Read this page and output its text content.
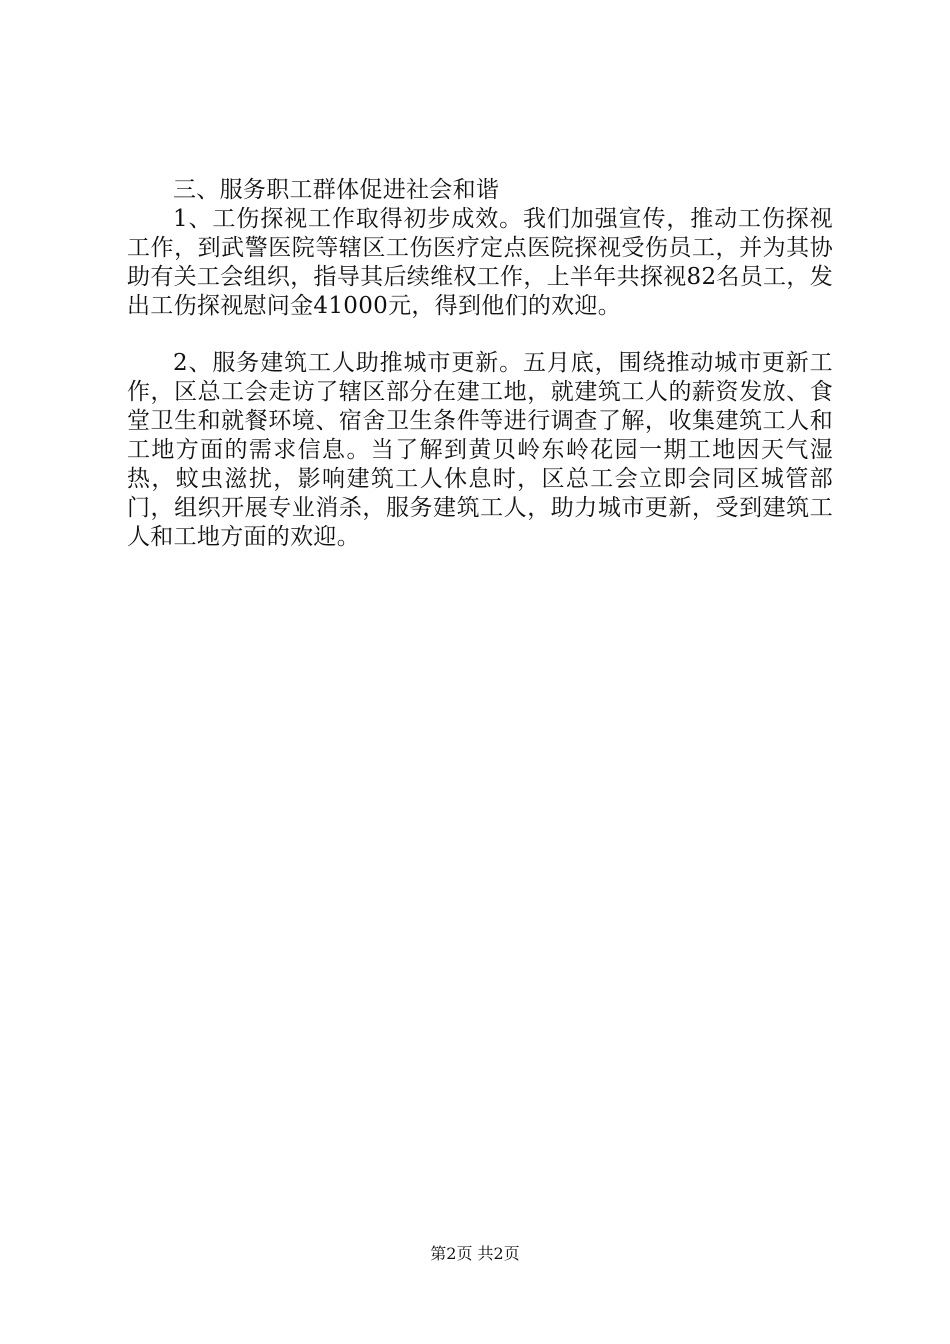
三、服务职工群体促进社会和谐

1、工伤探视工作取得初步成效。我们加强宣传，推动工伤探视工作，到武警医院等辖区工伤医疗定点医院探视受伤员工，并为其协助有关工会组织，指导其后续维权工作，上半年共探视82名员工，发出工伤探视慰问金41000元，得到他们的欢迎。

2、服务建筑工人助推城市更新。五月底，围绕推动城市更新工作，区总工会走访了辖区部分在建工地，就建筑工人的薪资发放、食堂卫生和就餐环境、宿舍卫生条件等进行调查了解，收集建筑工人和工地方面的需求信息。当了解到黄贝岭东岭花园一期工地因天气湿热，蚊虫滋扰，影响建筑工人休息时，区总工会立即会同区城管部门，组织开展专业消杀，服务建筑工人，助力城市更新，受到建筑工人和工地方面的欢迎。

第2页 共2页
